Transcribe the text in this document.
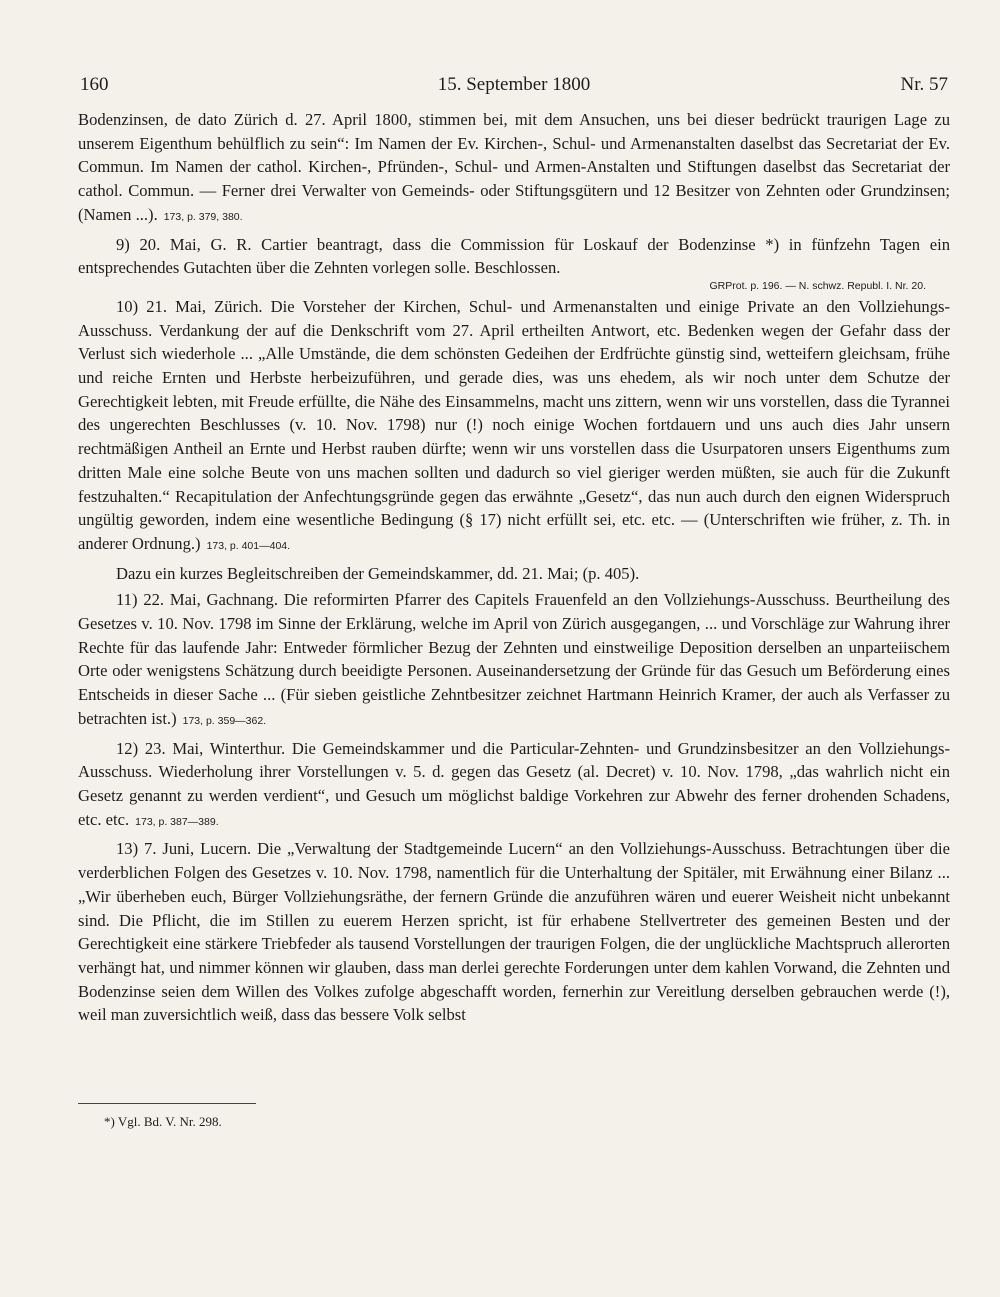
15. September 1800
160	Nr. 57

Bodenzinsen, de dato Zürich d. 27. April 1800, stimmen bei, mit dem Ansuchen, uns bei dieser bedrückt traurigen Lage zu unserem Eigenthum behülflich zu sein“: Im Namen der Ev. Kirchen-, Schul- und Armenanstalten daselbst das Secretariat der Ev. Commun. Im Namen der cathol. Kirchen-, Pfründen-, Schul- und Armen-Anstalten und Stiftungen daselbst das Secretariat der cathol. Commun. — Ferner drei Verwalter von Gemeinds- oder Stiftungsgütern und 12 Besitzer von Zehnten oder Grundzinsen; (Namen ...). 173, p. 379, 380.

9) 20. Mai, G. R. Cartier beantragt, dass die Commission für Loskauf der Bodenzinse *) in fünfzehn Tagen ein entsprechendes Gutachten über die Zehnten vorlegen solle. Beschlossen.

GRProt. p. 196. — N. schwz. Republ. I. Nr. 20.

10) 21. Mai, Zürich. Die Vorsteher der Kirchen, Schul- und Armenanstalten und einige Private an den Vollziehungs-Ausschuss. Verdankung der auf die Denkschrift vom 27. April ertheilten Antwort, etc. Bedenken wegen der Gefahr dass der Verlust sich wiederhole ... „Alle Umstände, die dem schönsten Gedeihen der Erdfrüchte günstig sind, wetteifern gleichsam, frühe und reiche Ernten und Herbste herbeizuführen, und gerade dies, was uns ehedem, als wir noch unter dem Schutze der Gerechtigkeit lebten, mit Freude erfüllte, die Nähe des Einsammelns, macht uns zittern, wenn wir uns vorstellen, dass die Tyrannei des ungerechten Beschlusses (v. 10. Nov. 1798) nur (!) noch einige Wochen fortdauern und uns auch dies Jahr unsern rechtmäßigen Antheil an Ernte und Herbst rauben dürfte; wenn wir uns vorstellen dass die Usurpatoren unsers Eigenthums zum dritten Male eine solche Beute von uns machen sollten und dadurch so viel gieriger werden müßten, sie auch für die Zukunft festzuhalten.“ Recapitulation der Anfechtungsgründe gegen das erwähnte „Gesetz“, das nun auch durch den eignen Widerspruch ungültig geworden, indem eine wesentliche Bedingung (§ 17) nicht erfüllt sei, etc. etc. — (Unterschriften wie früher, z. Th. in anderer Ordnung.) 173, p. 401—404.

Dazu ein kurzes Begleitschreiben der Gemeindskammer, dd. 21. Mai; (p. 405).

11) 22. Mai, Gachnang. Die reformirten Pfarrer des Capitels Frauenfeld an den Vollziehungs-Ausschuss. Beurtheilung des Gesetzes v. 10. Nov. 1798 im Sinne der Erklärung, welche im April von Zürich ausgegangen, ... und Vorschläge zur Wahrung ihrer Rechte für das laufende Jahr: Entweder förmlicher Bezug der Zehnten und einstweilige Deposition derselben an unparteiischem Orte oder wenigstens Schätzung durch beeidigte Personen. Auseinandersetzung der Gründe für das Gesuch um Beförderung eines Entscheids in dieser Sache ... (Für sieben geistliche Zehntbesitzer zeichnet Hartmann Heinrich Kramer, der auch als Verfasser zu betrachten ist.) 173, p. 359—362.

12) 23. Mai, Winterthur. Die Gemeindskammer und die Particular-Zehnten- und Grundzinsbesitzer an den Vollziehungs-Ausschuss. Wiederholung ihrer Vorstellungen v. 5. d. gegen das Gesetz (al. Decret) v. 10. Nov. 1798, „das wahrlich nicht ein Gesetz genannt zu werden verdient“, und Gesuch um möglichst baldige Vorkehren zur Abwehr des ferner drohenden Schadens, etc. etc. 173, p. 387—389.

13) 7. Juni, Lucern. Die „Verwaltung der Stadtgemeinde Lucern“ an den Vollziehungs-Ausschuss. Betrachtungen über die verderblichen Folgen des Gesetzes v. 10. Nov. 1798, namentlich für die Unterhaltung der Spitäler, mit Erwähnung einer Bilanz ... „Wir überheben euch, Bürger Vollziehungsräthe, der fernern Gründe die anzuführen wären und euerer Weisheit nicht unbekannt sind. Die Pflicht, die im Stillen zu euerem Herzen spricht, ist für erhabene Stellvertreter des gemeinen Besten und der Gerechtigkeit eine stärkere Triebfeder als tausend Vorstellungen der traurigen Folgen, die der unglückliche Machtspruch allerorten verhängt hat, und nimmer können wir glauben, dass man derlei gerechte Forderungen unter dem kahlen Vorwand, die Zehnten und Bodenzinse seien dem Willen des Volkes zufolge abgeschafft worden, fernerhin zur Vereitlung derselben gebrauchen werde (!), weil man zuversichtlich weiß, dass das bessere Volk selbst

*) Vgl. Bd. V. Nr. 298.
